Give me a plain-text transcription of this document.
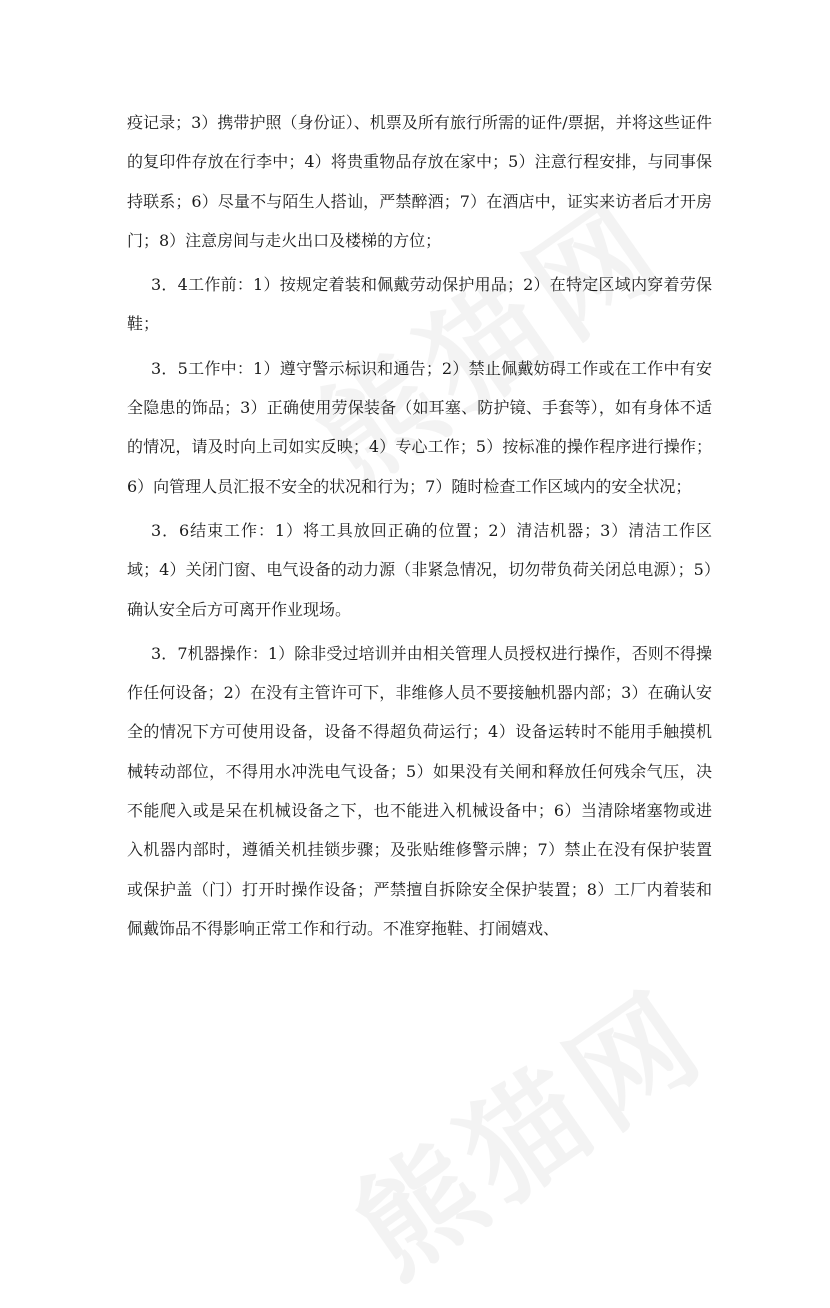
疫记录；3）携带护照（身份证）、机票及所有旅行所需的证件/票据，并将这些证件的复印件存放在行李中；4）将贵重物品存放在家中；5）注意行程安排，与同事保持联系；6）尽量不与陌生人搭讪，严禁醉酒；7）在酒店中，证实来访者后才开房门；8）注意房间与走火出口及楼梯的方位；

3．4工作前：1）按规定着装和佩戴劳动保护用品；2）在特定区域内穿着劳保鞋；

3．5工作中：1）遵守警示标识和通告；2）禁止佩戴妨碍工作或在工作中有安全隐患的饰品；3）正确使用劳保装备（如耳塞、防护镜、手套等），如有身体不适的情况，请及时向上司如实反映；4）专心工作；5）按标准的操作程序进行操作；6）向管理人员汇报不安全的状况和行为；7）随时检查工作区域内的安全状况；

3．6结束工作：1）将工具放回正确的位置；2）清洁机器；3）清洁工作区域；4）关闭门窗、电气设备的动力源（非紧急情况，切勿带负荷关闭总电源）；5）确认安全后方可离开作业现场。

3．7机器操作：1）除非受过培训并由相关管理人员授权进行操作，否则不得操作任何设备；2）在没有主管许可下，非维修人员不要接触机器内部；3）在确认安全的情况下方可使用设备，设备不得超负荷运行；4）设备运转时不能用手触摸机械转动部位，不得用水冲洗电气设备；5）如果没有关闸和释放任何残余气压，决不能爬入或是呆在机械设备之下，也不能进入机械设备中；6）当清除堵塞物或进入机器内部时，遵循关机挂锁步骤；及张贴维修警示牌；7）禁止在没有保护装置或保护盖（门）打开时操作设备；严禁擅自拆除安全保护装置；8）工厂内着装和佩戴饰品不得影响正常工作和行动。不准穿拖鞋、打闹嬉戏、
